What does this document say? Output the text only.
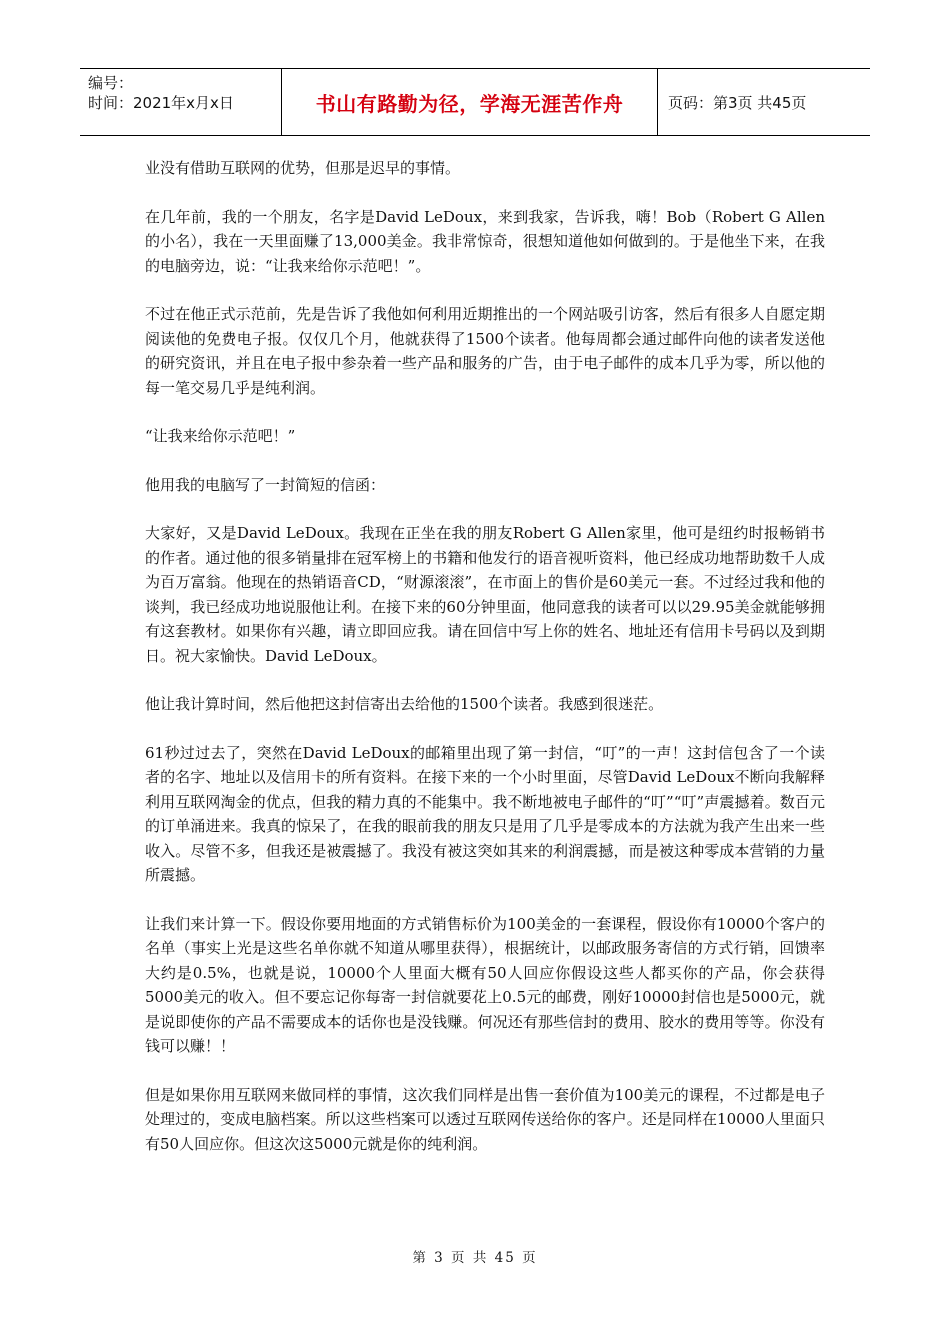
编号：
时间：2021年x月x日	书山有路勤为径，学海无涯苦作舟	页码：第3页 共45页

业没有借助互联网的优势，但那是迟早的事情。

在几年前，我的一个朋友，名字是David LeDoux，来到我家，告诉我，嗨！Bob（Robert G Allen的小名），我在一天里面赚了13,000美金。我非常惊奇，很想知道他如何做到的。于是他坐下来，在我的电脑旁边，说：“让我来给你示范吧！”。

不过在他正式示范前，先是告诉了我他如何利用近期推出的一个网站吸引访客，然后有很多人自愿定期阅读他的免费电子报。仅仅几个月，他就获得了1500个读者。他每周都会通过邮件向他的读者发送他的研究资讯，并且在电子报中参杂着一些产品和服务的广告，由于电子邮件的成本几乎为零，所以他的每一笔交易几乎是纯利润。

“让我来给你示范吧！”

他用我的电脑写了一封简短的信函：

大家好，又是David LeDoux。我现在正坐在我的朋友Robert G Allen家里，他可是纽约时报畅销书的作者。通过他的很多销量排在冠军榜上的书籍和他发行的语音视听资料，他已经成功地帮助数千人成为百万富翁。他现在的热销语音CD，“财源滚滚”，在市面上的售价是60美元一套。不过经过我和他的谈判，我已经成功地说服他让利。在接下来的60分钟里面，他同意我的读者可以以29.95美金就能够拥有这套教材。如果你有兴趣，请立即回应我。请在回信中写上你的姓名、地址还有信用卡号码以及到期日。祝大家愉快。David LeDoux。

他让我计算时间，然后他把这封信寄出去给他的1500个读者。我感到很迷茫。

61秒过过去了，突然在David LeDoux的邮箱里出现了第一封信，“叮”的一声！这封信包含了一个读者的名字、地址以及信用卡的所有资料。在接下来的一个小时里面，尽管David LeDoux不断向我解释利用互联网淘金的优点，但我的精力真的不能集中。我不断地被电子邮件的“叮”“叮”声震撼着。数百元的订单涌进来。我真的惊呆了，在我的眼前我的朋友只是用了几乎是零成本的方法就为我产生出来一些收入。尽管不多，但我还是被震撼了。我没有被这突如其来的利润震撼，而是被这种零成本营销的力量所震撼。

让我们来计算一下。假设你要用地面的方式销售标价为100美金的一套课程，假设你有10000个客户的名单（事实上光是这些名单你就不知道从哪里获得），根据统计，以邮政服务寄信的方式行销，回馈率大约是0.5%，也就是说，10000个人里面大概有50人回应你假设这些人都买你的产品，你会获得5000美元的收入。但不要忘记你每寄一封信就要花上0.5元的邮费，刚好10000封信也是5000元，就是说即使你的产品不需要成本的话你也是没钱赚。何况还有那些信封的费用、胶水的费用等等。你没有钱可以赚！！

但是如果你用互联网来做同样的事情，这次我们同样是出售一套价值为100美元的课程，不过都是电子处理过的，变成电脑档案。所以这些档案可以透过互联网传送给你的客户。还是同样在10000人里面只有50人回应你。但这次这5000元就是你的纯利润。

第 3 页 共 45 页
